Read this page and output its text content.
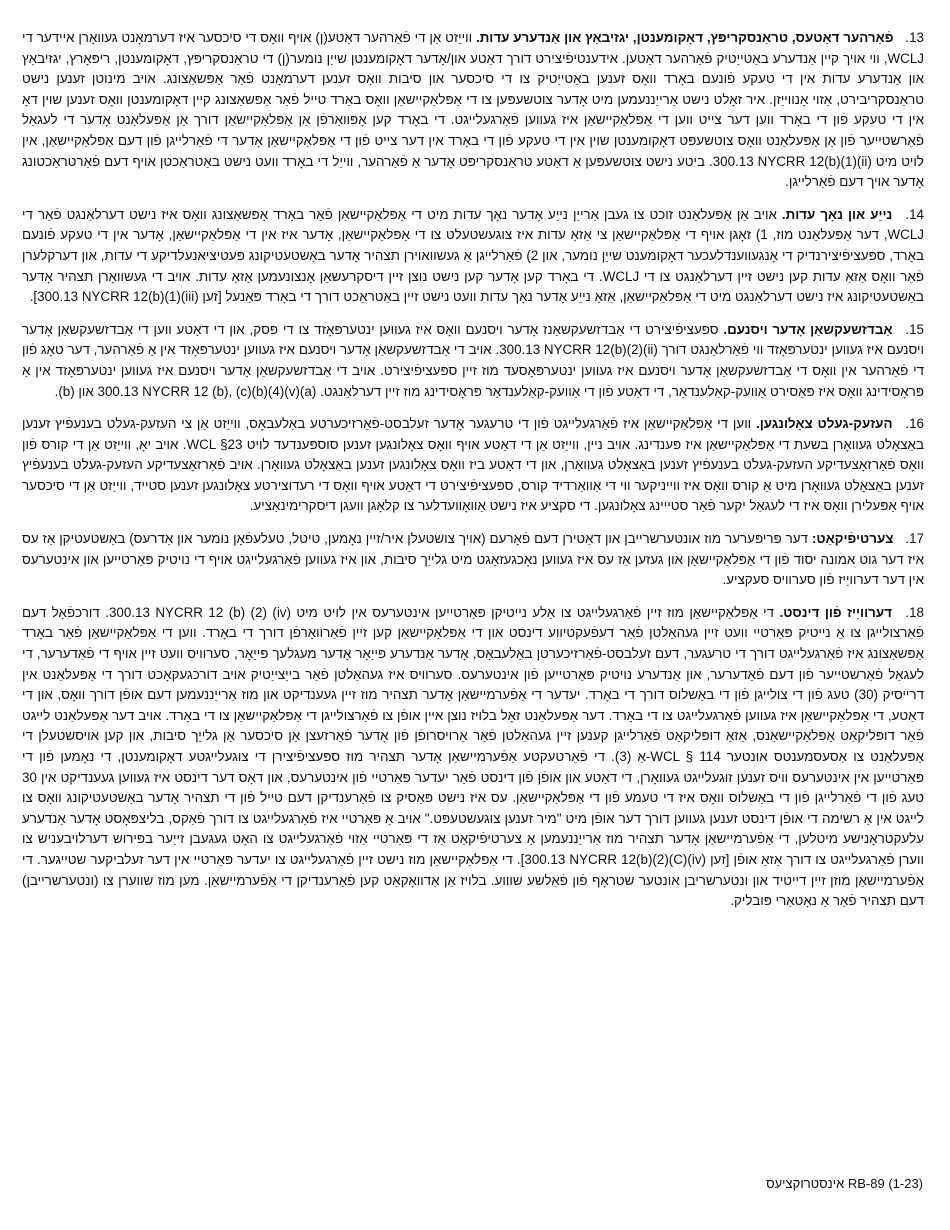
13. פֿאַרהער דאַטעס, טראַנסקריפּץ, דאָקומענטן, יגזיבאַץ און אַנדערע עדות. ווייַזט אַן די פֿאַרהער דאַטע(ן) אויף וואָס די סיכסער איז דערמאָנט געוואָרן איידער די WCLJ, ווי אויך קיין אַנדערע באַטייַטיק פֿאַרהער דאַטען. אידענטיפֿיצירט דורך דאַטע און/אָדער דאָקומענטן שייַן נומער(ן) די טראַנסקריפּץ, דאָקומענטן, ריפּאָרץ, יגזיבאַץ און אַנדערע עדות אין די טעקע פֿונעם באָרד וואָס זענען באַטייַטיק צו די סיכסער און סיבות וואָס זענען דערמאָנט פֿאַר אַפּשאַצונג. אויב מינוטן זענען נישט טראַנסקריבירט, אַזוי אָנווייַזן. איר זאָלט נישט אַרייַננעמען מיט אָדער צוטשעפּען צו די אַפּלאַקיישאַן וואָס באַרד טייל פֿאַר אַפּשאַצונג קיין דאָקומענטן וואָס זענען שוין דאָ אין די טעקע פֿון די באָרד ווען דער צייט ווען די אַפּלאַקיישאַן איז געווען פֿאַרגעלייגט. די באָרד קען אָפּוואַרפֿן אַן אַפּלאַקיישאַן דורך אַן אַפּעלאַנט אָדער די לעגאַל פֿאַרשטייער פֿון אַן אַפּעלאַנט וואָס צוטשעפּט דאָקומענטן שוין אין די טעקע פֿון די באָרד אין דער צייט פֿון די אַפּלאַקיישאַן אָדער די פֿאַרלייגן פֿון דעם אַפּלאַקיישאַן, אין לויט מיט (ii)(1)(b)300.13 NYCRR 12. ביטע נישט צוטשעפּען אַ דאַטע טראַנסקריפּט אָדער אַ פֿאַרהער, ווייַל די באָרד וועט נישט באַטראַכטן אויף דעם פֿאַרטראַכטונג אָדער אויך דעם פֿאַרלייגן.

14. נייַע און נאָך עדות. אויב אַן אַפּעלאַנט זוכט צו געבן אַרייַן נייַע אָדער נאָך עדות מיט די אַפּלאַקיישאַן פֿאַר באָרד אַפּשאַצונג וואָס איז נישט דערלאַנגט פֿאַר די WCLJ, דער אַפּעלאַנט מוז, 1) זאָגן אויף די אַפּלאַקיישאַן צי אַזאַ עדות איז צוגעשטעלט צו די אַפּלאַקיישאַן, אָדער איז אין די אַפּלאַקיישאַן, אָדער אין די טעקע פֿונעם באָרד, ספּעציפֿיצירנדיק די אָנגעווענדלעכער דאָקומענט שייַן נומער, און 2) פֿאַרלייגן אַ געשוואוירן תצהיר אָדער באַשטעטיקונג פּעטיציאנעלדיקע די עדות, און דערקלערן פֿאַר וואָס אַזאַ עדות קען נישט זיין דערלאַנגט צו די WCLJ. די באָרד קען אָדער קען נישט נוצן זיין דיסקרעשאַן אָנצונעמען אַזאַ עדות. אויב די געשוואָרן תצהיר אָדער באַשטעטיקונג איז נישט דערלאַנגט מיט די אַפּלאַקיישאַן, אַזאַ נייַע אָדער נאָך עדות וועט נישט זיין באַטראַכט דורך די באָרד פּאַנעל [זען (iii)(1)(b)300.13 NYCRR 12].

15. אַבדזשעקשאַן אָדער ויסנעם. ספּעציפֿיצירט די אַבדזשעקשאַנז אָדער ויסנעם וואָס איז געווען ינטערפּאָזד צו די פּסק, און די דאַטע ווען די אַבדזשעקשאַן אָדער ויסנעם איז געווען ינטערפּאָזד ווי פֿאַרלאַנגט דורך (ii)(2)(b)300.13 NYCRR 12. אויב די אַבדזשעקשאַן אָדער ויסנעם איז געווען ינטערפּאָזד אין אַ פֿאַרהער, דער טאָג פֿון די פֿאַרהער אין וואָס די אַבדזשעקשאַן אָדער ויסנעם איז געווען ינטערפּאָסעד מוז זיין ספּעציפֿיצירט. אויב די אַבדזשעקשאַן אָדער ויסנעם איז געווען ינטערפּאָזד אין אַ פּראָסידינג וואָס איז פּאַסירט אַוועק-קאַלענדאַר, די דאַטע פֿון די אַוועק-קאַלענדאַר פּראָסידינג מוז זיין דערלאַנגט. (a)(v)(4)(b)300.13 NYCRR 12 (b), (c) און (b).

16. העזעק-געלט צאָלונגען. ווען די אַפּלאַקיישאַן איז פֿאַרגעלייגט פֿון די טרעגער אָדער זעלבסט-פֿאַרזיכערטע באַלעבאָס, ווייַזט אַן צי העזעק-געלט בענעפֿיץ זענען באַצאָלט געוואָרן בשעת די אַפּלאַקיישאַן איז פּענדינג. אויב ניין, ווייַזט אַן די דאַטע אויף וואָס צאָלונגען זענען סוספּענדעד לויט WCL §23. אויב יאָ, ווייַזט אַן די קורס פֿון וואָס פֿאַרזאָצעדיקע העזעק-געלט בענעפֿיץ זענען באַצאָלט געוואָרן, און די דאַטע ביז וואָס צאָלונגען זענען באַצאָלט געוואָרן. אויב פֿאַרזאָצעדיקע העזעק-געלט בענעפֿיץ זענען באַצאָלט געוואָרן מיט אַ קורס וואָס איז ווייניקער ווי די אַוואַרדיד קורס, ספּעציפֿיצירט די דאַטע אויף וואָס די רעדוצירטע צאָלונגען זענען סטייד, ווייַזט אַן די סיכסער אויף אַפּעלירן וואָס איז די לעגאַל יקער פֿאַר סטייינג צאָלונגען. די סקציע איז נישט אַוואָוועדלער צו קלאָגן וועגן דיסקרימינאַציע.

17. צערטיפֿיקאַט: דער פּריפּערער מוז אונטערשרייבן און דאַטירן דעם פֿאָרעם (אויך צושטעלן איר/זיין נאָמען, טיטל, טעלעפֿאָן נומער און אַדרעס) באַשטעטיקן אַז עס איז דער גוט אמונה יסוד פֿון די אַפּלאַקיישאַן און געזען אַז עס איז געווען נאָכגעזאָגט מיט גלייַך סיבות, און איז געווען פֿאַרגעלייגט אויף די נויטיק פּאַרטייען און אינטערעס אין דער דערוויַיז פֿון סערוויס סעקציע.

18. דערוויַיז פֿון דינסט. די אַפּלאַקיישאַן מוז זיין פֿאַרגעלייגט צו אַלע נייטיקן פּאַרטייען אינטערעס אין לויט מיט (iv) (2) (b) 300.13 NYCRR 12. דורכפֿאַל דעם פֿאַרצולייגן צו אַ נייטיק פּאַרטיי וועט זיין געהאַלטן פֿאַר דעפֿעקטיווע דינסט און די אַפּלאַקיישאַן קען זיין פֿאַרוואָרפֿן דורך די באָרד. ווען די אַפּלאַקיישאַן פֿאַר באָרד אַפּשאַצונג איז פֿאַרגעלייגט דורך די טרעגער, דעם זעלבסט-פֿאַרזיכערטן באַלעבאָס, אָדער אַנדערע פּייַאָר אָדער מעגלעך פּייַאָר, סערוויס וועט זיין אויף די פֿאַדערער, די לעגאַל פֿאַרשטייער פֿון דעם פֿאַדערער, און אַנדערע נויטיק פּאַרטייען פֿון אינטערעס. סערוויס איז געהאַלטן פֿאַר בייַצייַטיק אויב דורכגעקאָכט דורך די אַפּעלאַנט אין דרייסיק (30) טעג פֿון די צולייגן פֿון די באַשלוס דורך די באָרד. יעדער די אַפֿערמיישאַן אָדער תצהיר מוז זיין געענדיקט און מוז אַרייַננעמען דעם אופֿן דורך וואָס, און די דאַטע, די אַפּלאַקיישאַן איז געווען פֿאַרגעלייגט צו די באָרד. דער אַפּעלאַנט זאָל בלויז נוצן איין אופֿן צו פֿאַרצולייגן די אַפּלאַקיישאַן צו די באָרד. אויב דער אַפּעלאַנט לייגט פֿאַר דופּליקאַט אַפּלאַקיישאַנס, אַזאַ דופּליקאַט פֿאַרלייגן קענען זיין געהאַלטן פֿאַר אַרויסרופֿן פֿון אָדער פֿאַרזעצן אַן סיכסער אַן גלייַך סיבות, און קען אויסשטעלן די אַפּעלאַנט צו אַסעסמענטס אונטער WCL § 114-אַ (3). די פֿאַרטעקטע אַפֿערמיישאַן אָדער תצהיר מוז ספּעציפֿיצירן די צוגעלייגטע דאָקומענטן, די נאָמען פֿון די פּאַרטייען אין אינטערעס וויס זענען זוגעלייגט געוואָרן, די דאַטע און אופֿן פֿון דינסט פֿאַר יעדער פּאַרטיי פֿון אינטערעס, און דאָס דער דינסט איז געווען געענדיקט אין 30 טעג פֿון די פֿאַרלייגן פֿון די באַשלוס וואָס איז די טעמע פֿון די אַפּלאַקיישאַן. עס איז נישט פּאַסיק צו פֿאַרענדיקן דעם טייל פֿון די תצהיר אָדער באַשטעטיקונג וואָס צו לייגט אין אַ רשימה די אופֿן דינסט זענען געווען דורך דער אופֿן מיט "מיר זענען צוגעשטעפּט." אויב אַ פּאַרטיי איז פֿאַרגעלייגט צו דורך פֿאַקס, בליצפּאָסט אָדער אַנדערע עלעקטראָנישע מיטלען, די אַפֿערמיישאַן אָדער תצהיר מוז אַרייַננעמען אַ צערטיפֿיקאַט אַז די פּאַרטיי אַזוי פֿאַרגעלייגט צו האָט געגעבן זייַער בפּירוש דערלויבעניש צו ווערן פֿאַרגעלייגט צו דורך אַזאַ אופֿן [זען (iv)(C)(2)(b)300.13 NYCRR 12]. די אַפּלאַקיישאַן מוז נישט זיין פֿאַרגעלייגט צו יעדער פּאַרטיי אין דער זעלביקער שטייגער. די אַפֿערמיישאַן מוזן זיין דייטיד און ונטערשריבן אונטער שטראָף פֿון פֿאַלשע שוווע. בלויז אַן אַדוואָקאַט קען פֿאַרענדיקן די אַפֿערמיישאַן. מען מוז שווערן צו (ונטערשרייבן) דעם תצהיר פֿאַר אַ נאָטאַרי פּובליק.

RB-89 (1-23) אינסטרוקציעס
